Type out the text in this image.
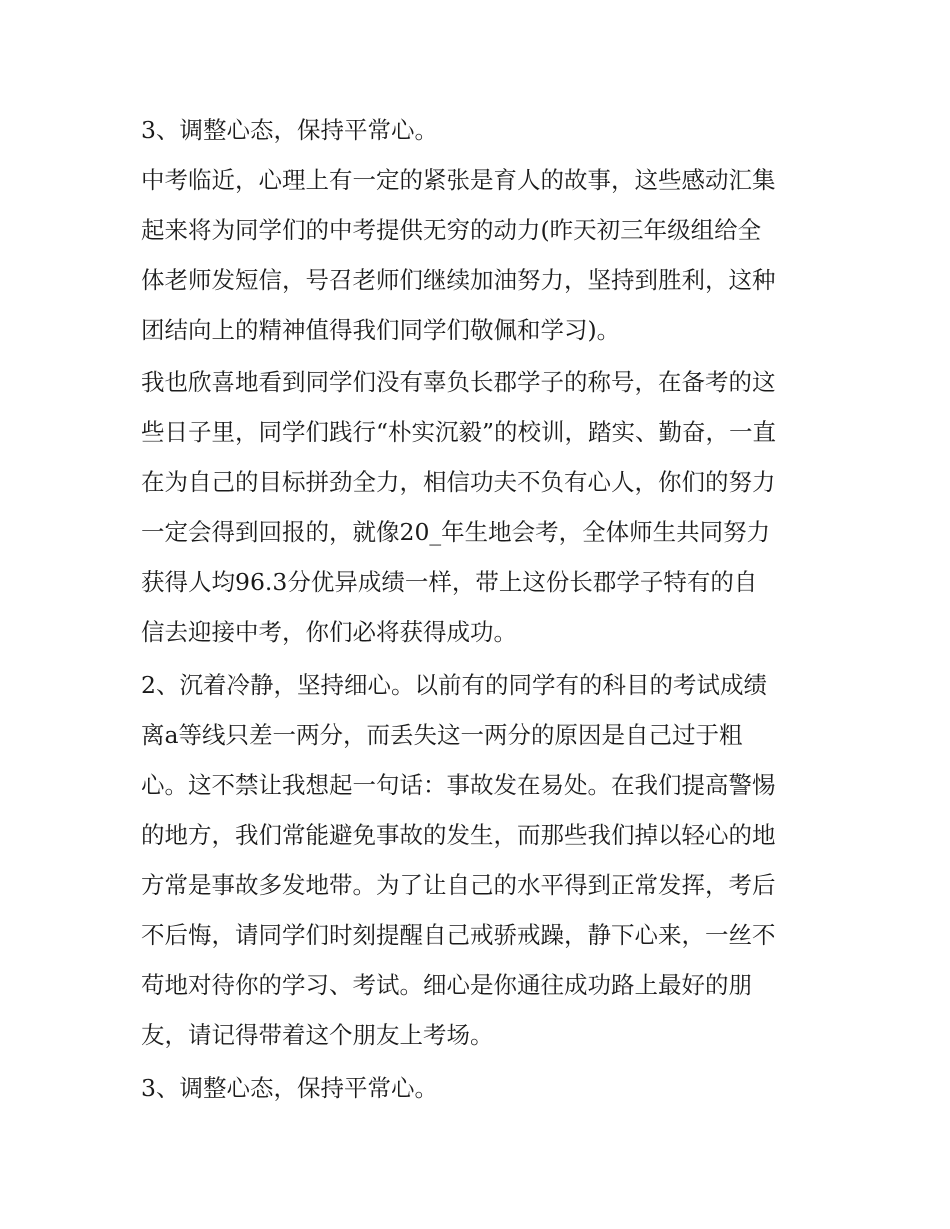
3、调整心态，保持平常心。
中考临近，心理上有一定的紧张是育人的故事，这些感动汇集
起来将为同学们的中考提供无穷的动力(昨天初三年级组给全
体老师发短信，号召老师们继续加油努力，坚持到胜利，这种
团结向上的精神值得我们同学们敬佩和学习)。
我也欣喜地看到同学们没有辜负长郡学子的称号，在备考的这
些日子里，同学们践行“朴实沉毅”的校训，踏实、勤奋，一直
在为自己的目标拼劲全力，相信功夫不负有心人，你们的努力
一定会得到回报的，就像20_年生地会考，全体师生共同努力
获得人均96.3分优异成绩一样，带上这份长郡学子特有的自
信去迎接中考，你们必将获得成功。
2、沉着冷静，坚持细心。以前有的同学有的科目的考试成绩
离a等线只差一两分，而丢失这一两分的原因是自己过于粗
心。这不禁让我想起一句话：事故发在易处。在我们提高警惕
的地方，我们常能避免事故的发生，而那些我们掉以轻心的地
方常是事故多发地带。为了让自己的水平得到正常发挥，考后
不后悔，请同学们时刻提醒自己戒骄戒躁，静下心来，一丝不
苟地对待你的学习、考试。细心是你通往成功路上最好的朋
友，请记得带着这个朋友上考场。
3、调整心态，保持平常心。
